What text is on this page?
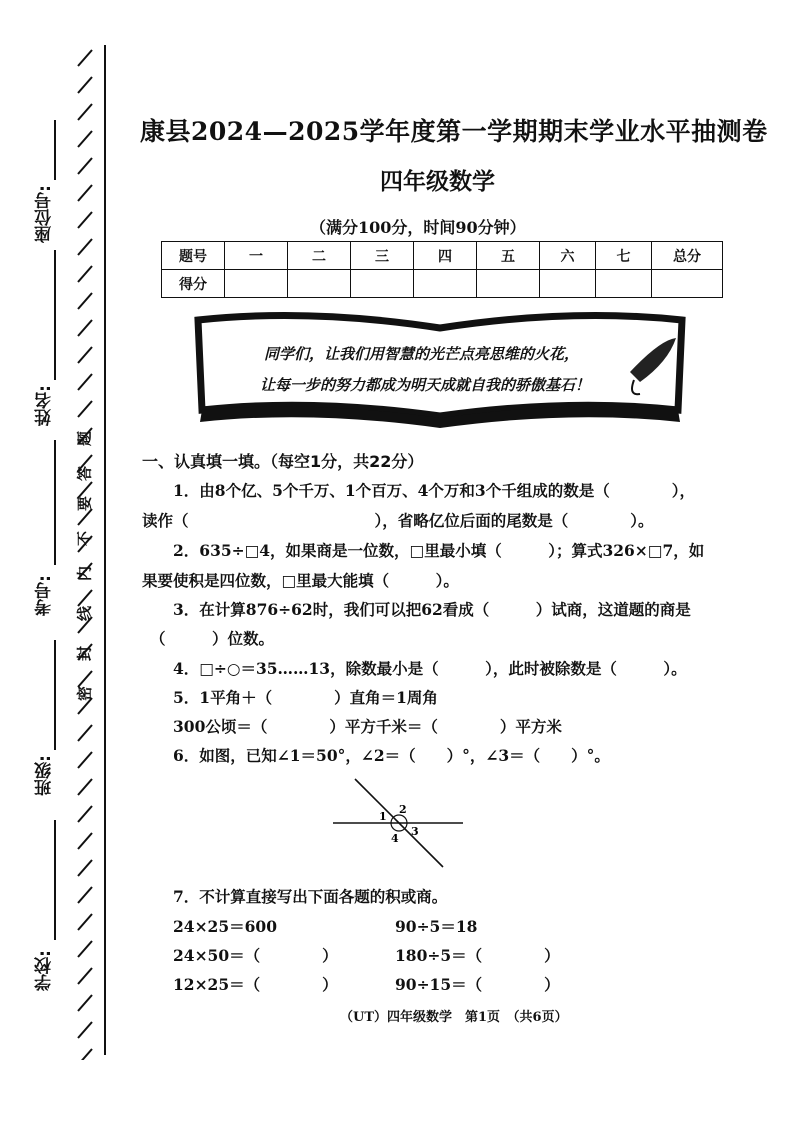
座位号:
姓名:
考号:
班级:
学校:
密
封
线
内
不
要
答
题
康县2024—2025学年度第一学期期末学业水平抽测卷
四年级数学
（满分100分，时间90分钟）
题号	一	二	三	四	五	六	七	总分
得分								
同学们，让我们用智慧的光芒点亮思维的火花，
让每一步的努力都成为明天成就自我的骄傲基石！
一、认真填一填。（每空1分，共22分）
1．由8个亿、5个千万、1个百万、4个万和3个千组成的数是（　　　　），
读作（　　　　　　　　　　　　），省略亿位后面的尾数是（　　　　）。
2．635÷□4，如果商是一位数，□里最小填（　　　）；算式326×□7，如
果要使积是四位数，□里最大能填（　　　）。
3．在计算876÷62时，我们可以把62看成（　　　）试商，这道题的商是
（　　　）位数。
4．□÷○＝35……13，除数最小是（　　　），此时被除数是（　　　）。
5．1平角＋（　　　　）直角＝1周角
300公顷＝（　　　　）平方千米＝（　　　　）平方米
6．如图，已知∠1＝50°，∠2＝（　　）°，∠3＝（　　）°。
1
2
3
4
7．不计算直接写出下面各题的积或商。
24×25＝600	90÷5＝18
24×50＝（　　　　）	180÷5＝（　　　　）
12×25＝（　　　　）	90÷15＝（　　　　）
（UT）四年级数学　第1页　（共6页）
